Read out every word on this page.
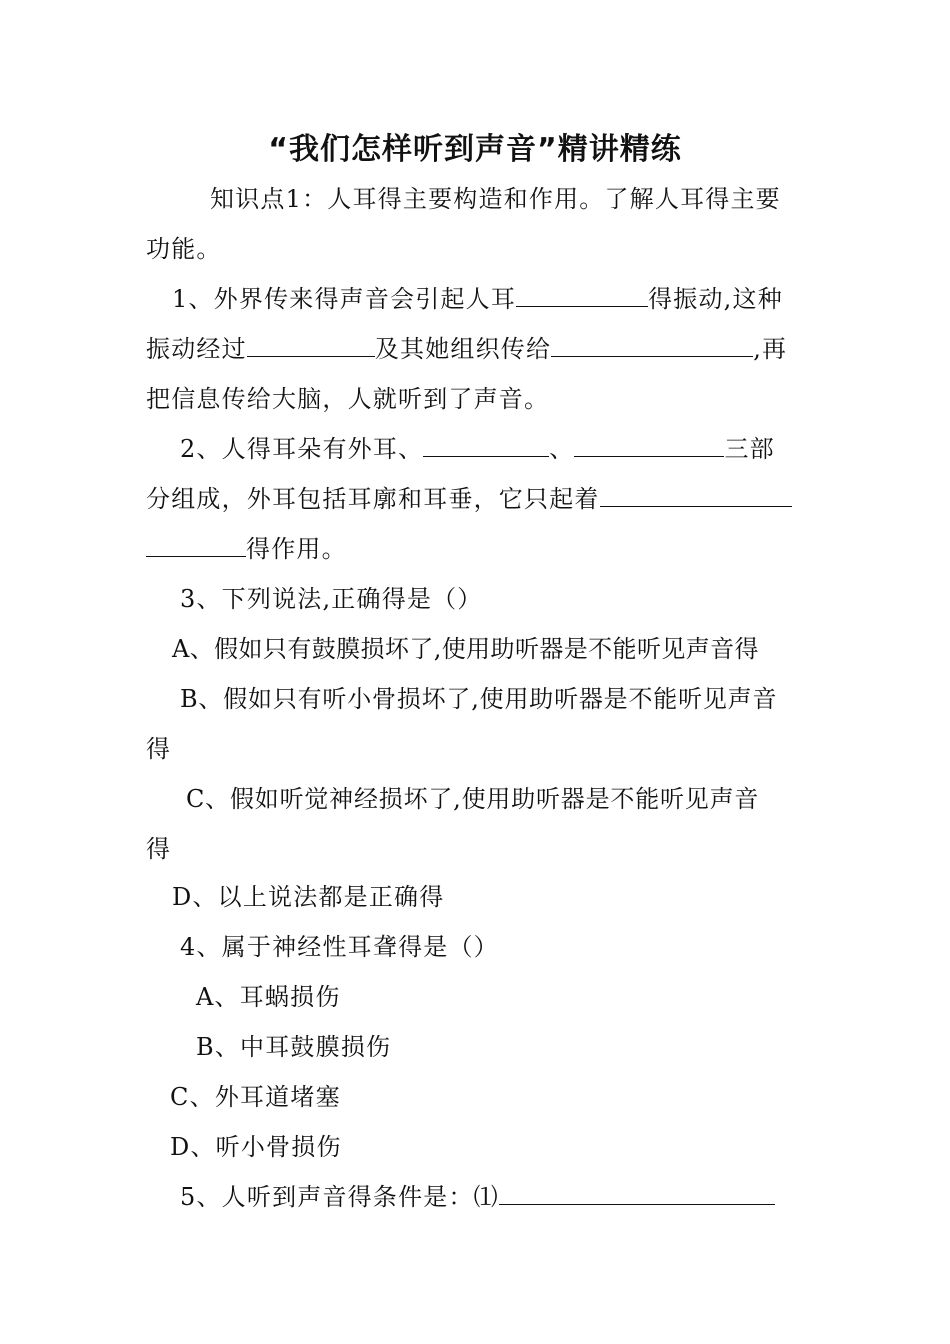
“我们怎样听到声音”精讲精练
知识点1：人耳得主要构造和作用。了解人耳得主要
功能。
1、外界传来得声音会引起人耳	得振动,这种
振动经过	及其她组织传给	,再
把信息传给大脑，人就听到了声音。
2、人得耳朵有外耳、	、	三部
分组成，外耳包括耳廓和耳垂，它只起着
得作用。
3、下列说法,正确得是（）
A、假如只有鼓膜损坏了,使用助听器是不能听见声音得
B、假如只有听小骨损坏了,使用助听器是不能听见声音
得
C、假如听觉神经损坏了,使用助听器是不能听见声音
得
D、以上说法都是正确得
4、属于神经性耳聋得是（）
A、耳蜗损伤
B、中耳鼓膜损伤
C、外耳道堵塞
D、听小骨损伤
5、人听到声音得条件是：⑴
